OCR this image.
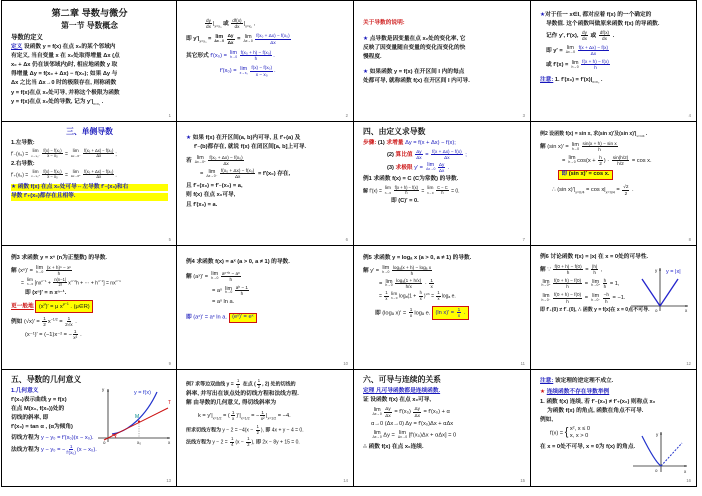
第二章 导数与微分
第一节 导数概念
导数的定义
定义 设函数 y = f(x) 在点 x₀的某个邻域内
有定义, 当自变量 x 在 x₀处取得增量 Δx (点
x₀ + Δx 仍在该邻域内)时, 相应地函数 y 取
得增量 Δy = f(x₀ + Δx) − f(x₀); 如果 Δy 与
Δx 之比当 Δx→0 时的极限存在, 则称函数
y = f(x)在点 x₀处可导, 并称这个极限为函数
y = f(x)在点 x₀处的导数, 记为 $y'|_{x=x_0}$ .
1
$\frac{dy}{dx} |_{x=x_0}$ 或 $\frac{df(x)}{dx} |_{x=x_0}$ ,
即 $y'|_{x=x_0} = \lim$
$\Delta x\to 0 \frac{\Delta y}{\Delta x} = \lim$
$\Delta x\to 0 \frac{\text{f(x₀ + Δx) − f(x₀)}}{\Delta x}$
其它形式 f′(x₀) = lim
$h\to 0 \frac{\text{f(x₀ + h) − f(x₀)}}{h}$ .
f′(x₀) = lim
$x\to x_0 \frac{\text{f(x) − f(x₀)}}{\text{x − x₀}}$ .
2
关于导数的说明:
★ 点导数是因变量在点 x₀处的变化率, 它
反映了因变量随自变量的变化而变化的快
慢程度.
★ 如果函数 y = f(x) 在开区间 I 内的每点
处都可导, 就称函数 f(x) 在开区间 I 内可导.
3
★对于任一 x∈I, 都对应着 f(x) 的一个确定的
导数值. 这个函数叫做原来函数 f(x) 的导函数.
记作 y′, f′(x), $\frac{dy}{dx}$ 或 $\frac{df(x)}{dx}$ .
即 y′ = lim
$\Delta x\to 0 \frac{f(x + \Delta x) - f(x)}{\Delta x}$
或 f′(x) = lim
$h\to 0 \frac{f(x + h) - f(x)}{h}$
注意: 1. $f'(x_0) = f'(x)|_{x=x_0}$ .
4
三、单侧导数
1.左导数:
f′₋(x₀) = lim
$x\to x_0^- \frac{\text{f(x) − f(x₀)}}{\text{x − x₀}} = \lim$
$\Delta x\to 0^- \frac{\text{f(x₀ + Δx) − f(x₀)}}{\Delta x}$ ;
2.右导数:
f′₊(x₀) = lim
$x\to x_0^+ \frac{\text{f(x) − f(x₀)}}{\text{x − x₀}} = \lim$
$\Delta x\to 0^+ \frac{\text{f(x₀ + Δx) − f(x₀)}}{\Delta x}$ .
★ 函数 f(x) 在点 x₀处可导⇔左导数 f′₋(x₀)和右
导数 f′₊(x₀)都存在且相等.
5
★ 如果 f(x) 在开区间(a, b)内可导, 且 f′₊(a) 及
f′₋(b)都存在, 就说 f(x) 在闭区间[a, b]上可导.
若 lim
$\Delta x\to 0^+ \frac{\text{f(x₀ + Δx) − f(x₀)}}{\Delta x}$
= lim
$\Delta x\to 0^- \frac{\text{f(x₀ + Δx) − f(x₀)}}{\Delta x} = f'(x_0)$ 存在,
且 f′₊(x₀) = f′₋(x₀) = a,
则 f(x) 在点 x₀可导,
且 f′(x₀) = a.
6
四、由定义求导数
步骤: (1) 求增量 Δy = f(x + Δx) − f(x);
(2) 算比值 $\frac{\Delta y}{\Delta x} = \frac{f(x + \Delta x) - f(x)}{\Delta x}$ ;
(3) 求极限 y′ = lim
$\Delta x\to 0 \frac{\Delta y}{\Delta x}$ .
例1 求函数 f(x) = C (C为常数) 的导数.
解 f′(x) = lim
$h\to 0 \frac{f(x + h) - f(x)}{h} = \lim$
$h\to 0 \frac{C - C}{h} = 0$.
即 (C)′ = 0.
7
例2 设函数 f(x) = sin x, 求(sin x)′及(sin $x)'|_{x=\pi/4}$ .
解 (sin x)′ = lim
$h\to 0 \frac{\text{sin(x + h) − sin x}}{h}$
= lim
h→0 $\cos(x + \frac{h}{2}$ ) · $\frac{\sin(h/2)}{h/2} = \cos x$.
即 (sin x)′ = cos x.
∴ (sin $x)'|_{x=\pi/4} = \cos x|_{x=\pi/4} = \frac{√2}{2}$ .
8
例3 求函数 y = xⁿ (n为正整数) 的导数.
解 (xⁿ)′ = lim
$h\to 0 \frac{\text{(x + h)ⁿ − xⁿ}}{h}$
= lim
h→0 [$nx^{n-1} + \frac{n(n-1)}{2!} x^{n-2}h$ + ⋯ + $h^{n-1}] = nx^{n-1}$
即 (xⁿ)′ = n xⁿ⁻¹.
更一般地 $(x^\mu)' = \mu$ $x^{\mu-1}$ . (μ∈R)
例如 $(√x)' = \frac{1}{2} x^{-1/2} = \frac{1}{2√x}$ .
(x⁻¹)′ = (−1)x⁻² = − $\frac{1}{\text{x²}}$ .
9
例4 求函数 f(x) = aˣ (a > 0, a ≠ 1) 的导数.
解 (aˣ)′ = lim
$h\to 0 \frac{\text{aˣ⁺ʰ − aˣ}}{h}$
= aˣ lim
$h\to 0 \frac{\text{aʰ − 1}}{h}$
= aˣ ln a.
即 (aˣ)′ = aˣ ln a. (eˣ)′ = eˣ
10
例5 求函数 y = logₐ x (a > 0, a ≠ 1) 的导数.
解 y′ = lim
$h\to 0 \frac{\text{logₐ(x + h) − logₐ x}}{h}$
= lim
$h\to 0 \frac{\text{logₐ(1 + h/x)}}{h/x} \cdot \frac{1}{x}$
= $\frac{1}{x}$ lim
h→0 $\log_a(1 + \frac{h}{x} )^{x/h} = \frac{1}{x}$ logₐ e.
即 (logₐ $x)' = \frac{1}{x}$ logₐ e. (ln $x)' = \frac{1}{x}$ .
11
例6 讨论函数 f(x) = |x| 在 x = 0处的可导性.
解 ∵ $\frac{f(0 + h) - f(0)}{h} = \frac{|h|}{h}$ ,
lim
$h\to 0^+ \frac{f(0 + h) - f(0)}{h} = \lim$
$h\to 0^+ \frac{h}{h} = 1$,
lim
$h\to 0^- \frac{f(0 + h) - f(0)}{h} = \lim$
$h\to 0^- \frac{-h}{h} = -1$.
即 f′₊(0) ≠ f′₋(0), ∴ 函数 y = f(x)在 x = 0点不可导.
y = |x|
y
x
o
12
五、导数的几何意义
1.几何意义
f′(x₀)表示曲线 y = f(x)
在点 M(x₀, f(x₀))处的
切线的斜率, 即
f′(x₀) = tan α , (α为倾角)
切线方程为 y − y₀ = f′(x₀)(x − x₀).
法线方程为 y − y₀ = − $\frac{1}{\text{f′(x₀)}} (x - x_0)$.
y = f(x)
T
M
α
x₀
o	x
y
13
例7 求等边双曲线 $y = \frac{1}{x}$ 在点 ( $\frac{1}{2}$ , 2) 处的切线的
斜率, 并写出在该点处的切线方程和法线方程.
解 由导数的几何意义, 得切线斜率为
$k = y'|_{x=1/2}$ = ( $\frac{1}{x} )'|_{x=1/2}$ = − $\frac{1}{\text{x²}} |_{x=1/2} = -4$.
所求切线方程为 $y - 2 = -4(x - \frac{1}{2}$ ), 即 4x + y − 4 = 0.
法线方程为 $y - 2 = \frac{1}{4} (x - \frac{1}{2}$ ), 即 2x − 8y + 15 = 0.
14
六、可导与连续的关系
定理 凡可导函数都是连续函数.
证 设函数 f(x) 在点 x₀可导,
lim
$\Delta x\to 0 \frac{\Delta y}{\Delta x} = f'(x_0) \frac{\Delta y}{\Delta x} = f'(x_0) + \alpha$
α→0 (Δx→0) Δy = f′(x₀)Δx + αΔx
lim
Δx→0 Δy = lim
Δx→0 [f′(x₀)Δx + αΔx] = 0
∴ 函数 f(x) 在点 x₀连续.
15
注意: 该定理的逆定理不成立.
★ 连续函数不存在导数举例
1. 函数 f(x) 连续, 若 f′₋(x₀) ≠ f′₊(x₀) 则称点 x₀
为函数 f(x) 的角点, 函数在角点不可导.
例如,
f(x) = { x², x ≤ 0
x, x > 0
在 x = 0处不可导, x = 0为 f(x) 的角点.
y
x
o
16
